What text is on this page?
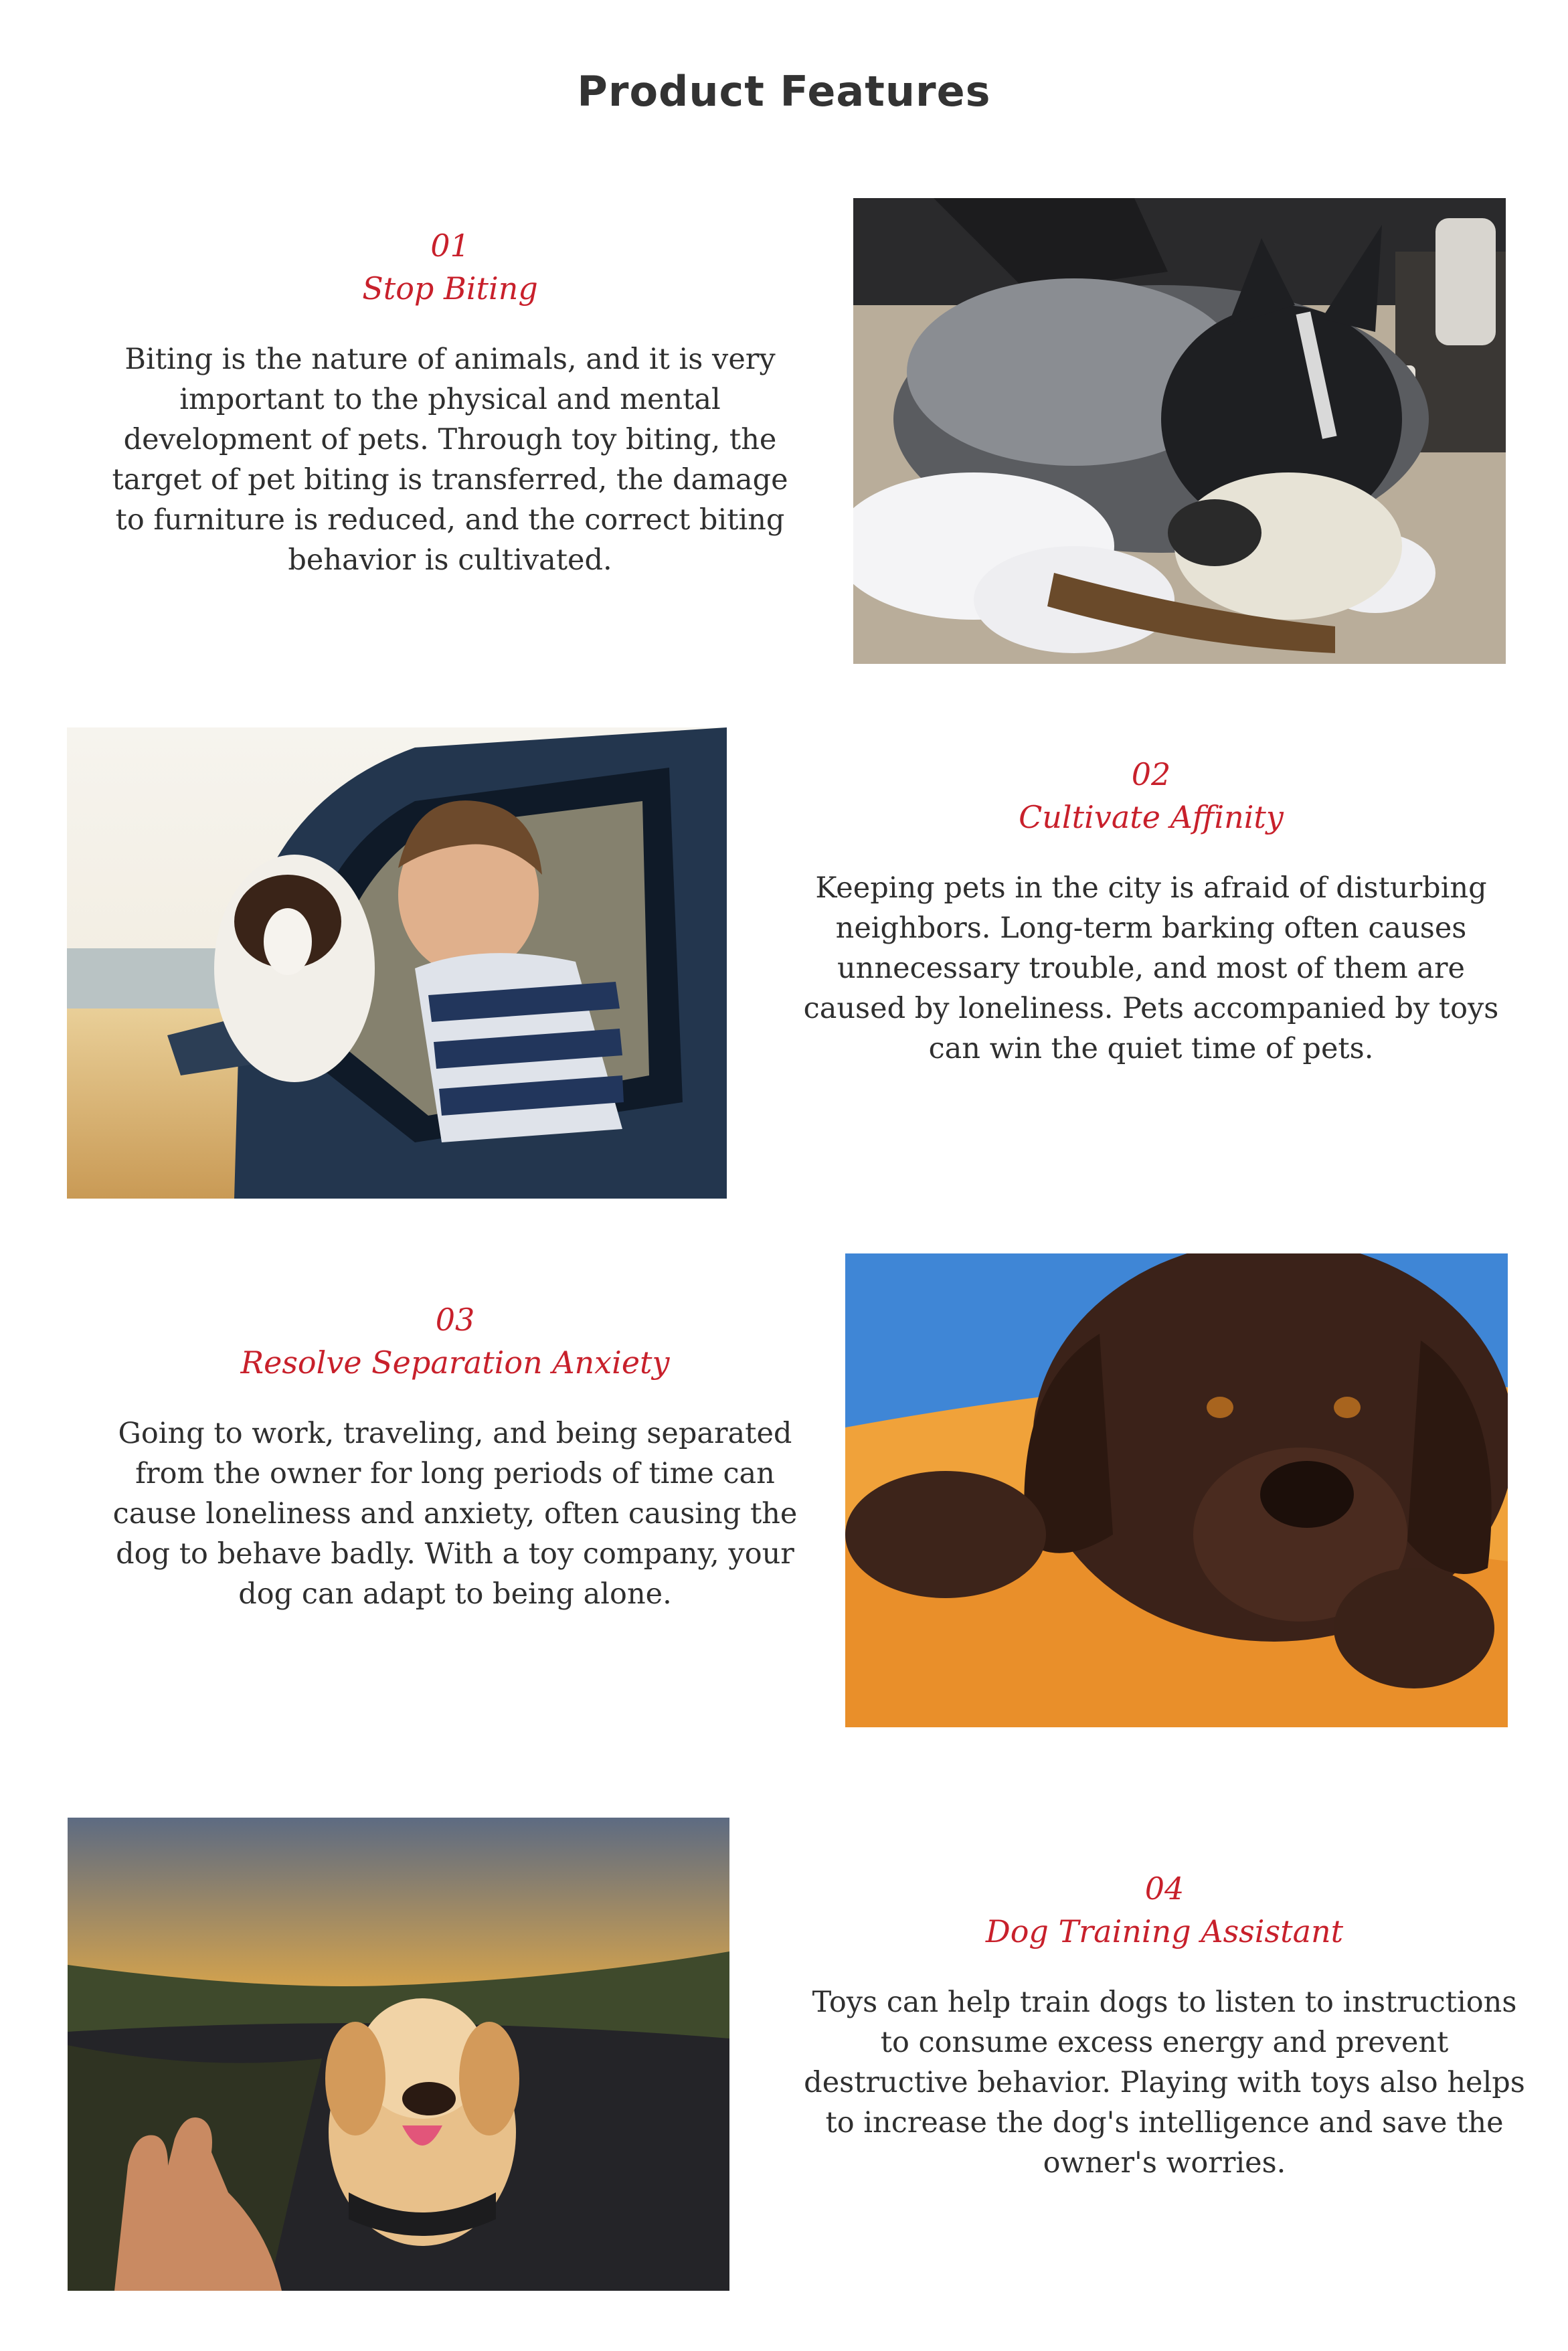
Product Features
01
Stop Biting
Biting is the nature of animals, and it is very important to the physical and mental development of pets. Through toy biting, the target of pet biting is transferred, the damage to furniture is reduced, and the correct biting behavior is cultivated.
02
Cultivate Affinity
Keeping pets in the city is afraid of disturbing neighbors. Long-term barking often causes unnecessary trouble, and most of them are caused by loneliness. Pets accompanied by toys can win the quiet time of pets.
03
Resolve Separation Anxiety
Going to work, traveling, and being separated from the owner for long periods of time can cause loneliness and anxiety, often causing the dog to behave badly. With a toy company, your dog can adapt to being alone.
04
Dog Training Assistant
Toys can help train dogs to listen to instructions to consume excess energy and prevent destructive behavior. Playing with toys also helps to increase the dog's intelligence and save the owner's worries.
